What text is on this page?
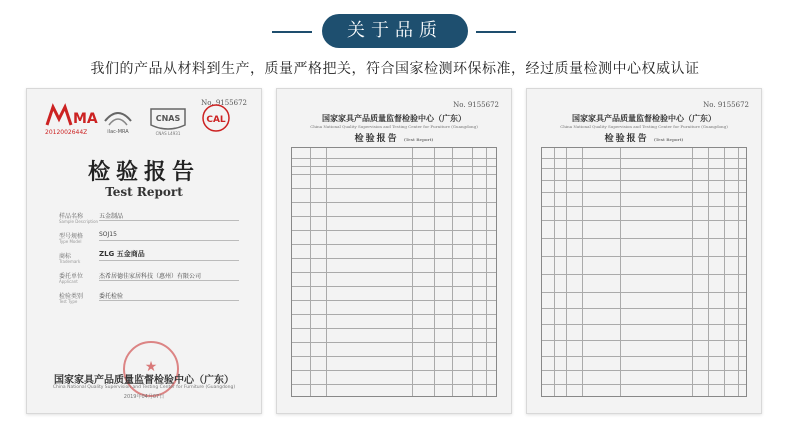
关于品质
我们的产品从材料到生产，质量严格把关，符合国家检测环保标准，经过质量检测中心权威认证
No. 9155672
MA
2012002644Z	ilac-MRA
CNAS
CNAS L4931
CAL
检验报告
Test Report
样品名称
Sample Description
五金制品
型号规格
Type Model
SOJ15
商标
Trademark
ZLG 五金商品
委托单位
Applicant
杰希居德佳家居科技（惠州）有限公司
检验类别
Test Type
委托检验
★
国家家具产品质量监督检验中心（广东）
China National Quality Supervision and Testing Center for Furniture (Guangdong)
2019年04月07日
No. 9155672
国家家具产品质量监督检验中心（广东）
China National Quality Supervision and Testing Center for Furniture (Guangdong)
检验报告 (Test Report)
No. 9155672
国家家具产品质量监督检验中心（广东）
China National Quality Supervision and Testing Center for Furniture (Guangdong)
检验报告 (Test Report)
